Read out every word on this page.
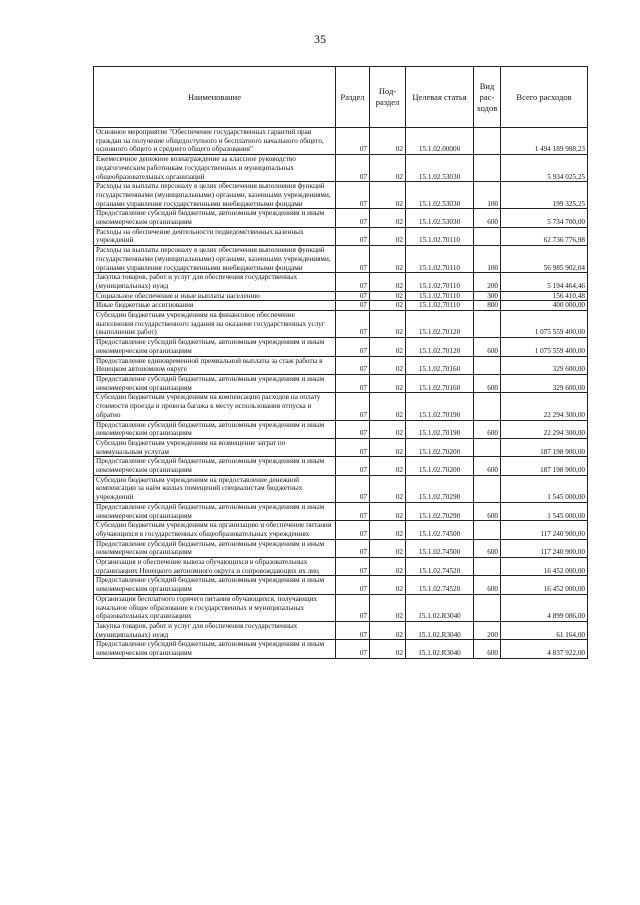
35
Наименование	Раздел	Под-раздел	Целевая статья	Вид рас-ходов	Всего расходов
Основное мероприятие "Обеспечение государственных гарантий прав граждан на получение общедоступного и бесплатного начального общего, основного общего и среднего общего образования"	07	02	15.1.02.00000		1 494 189 988,23
Ежемесячное денежное вознаграждение за классное руководство педагогическим работникам государственных и муниципальных общеобразовательных организаций	07	02	15.1.02.53030		5 934 025,25
Расходы на выплаты персоналу в целях обеспечения выполнения функций государственными (муниципальными) органами, казенными учреждениями, органами управления государственными внебюджетными фондами	07	02	15.1.02.53030	100	199 325,25
Предоставление субсидий бюджетным, автономным учреждениям и иным некоммерческим организациям	07	02	15.1.02.53030	600	5 734 700,00
Расходы на обеспечение деятельности подведомственных казенных учреждений	07	02	15.1.02.70110		62 736 776,98
Расходы на выплаты персоналу в целях обеспечения выполнения функций государственными (муниципальными) органами, казенными учреждениями, органами управления государственными внебюджетными фондами	07	02	15.1.02.70110	100	56 985 902,04
Закупка товаров, работ и услуг для обеспечения государственных (муниципальных) нужд	07	02	15.1.02.70110	200	5 194 464,46
Социальное обеспечение и иные выплаты населению	07	02	15.1.02.70110	300	156 410,48
Иные бюджетные ассигнования	07	02	15.1.02.70110	800	400 000,00
Субсидии бюджетным учреждениям на финансовое обеспечение выполнения государственного задания на оказание государственных услуг (выполнение работ)	07	02	15.1.02.70120		1 075 559 400,00
Предоставление субсидий бюджетным, автономным учреждениям и иным некоммерческим организациям	07	02	15.1.02.70120	600	1 075 559 400,00
Предоставление единовременной премиальной выплаты за стаж работы в Ненецком автономном округе	07	02	15.1.02.70160		329 600,00
Предоставление субсидий бюджетным, автономным учреждениям и иным некоммерческим организациям	07	02	15.1.02.70160	600	329 600,00
Субсидии бюджетным учреждениям на компенсацию расходов на оплату стоимости проезда и провоза багажа к месту использования отпуска и обратно	07	02	15.1.02.70190		22 294 300,00
Предоставление субсидий бюджетным, автономным учреждениям и иным некоммерческим организациям	07	02	15.1.02.70190	600	22 294 300,00
Субсидии бюджетным учреждениям на возмещение затрат по коммунальным услугам	07	02	15.1.02.70200		187 198 900,00
Предоставление субсидий бюджетным, автономным учреждениям и иным некоммерческим организациям	07	02	15.1.02.70200	600	187 198 900,00
Субсидии бюджетным учреждениям на предоставление денежной компенсации за наём жилых помещений специалистам бюджетных учреждений	07	02	15.1.02.70290		1 545 000,00
Предоставление субсидий бюджетным, автономным учреждениям и иным некоммерческим организациям	07	02	15.1.02.70290	600	1 545 000,00
Субсидии бюджетным учреждениям на организацию и обеспечение питания обучающихся в государственных общеобразовательных учреждениях	07	02	15.1.02.74500		117 240 900,00
Предоставление субсидий бюджетным, автономным учреждениям и иным некоммерческим организациям	07	02	15.1.02.74500	600	117 240 900,00
Организация и обеспечение вывоза обучающихся в образовательных организациях Ненецкого автономного округа и сопровождающих их лиц	07	02	15.1.02.74520		16 452 000,00
Предоставление субсидий бюджетным, автономным учреждениям и иным некоммерческим организациям	07	02	15.1.02.74520	600	16 452 000,00
Организация бесплатного горячего питания обучающихся, получающих начальное общее образование в государственных и муниципальных образовательных организациях	07	02	15.1.02.R3040		4 899 086,00
Закупка товаров, работ и услуг для обеспечения государственных (муниципальных) нужд	07	02	15.1.02.R3040	200	61 164,00
Предоставление субсидий бюджетным, автономным учреждениям и иным некоммерческим организациям	07	02	15.1.02.R3040	600	4 837 922,00
